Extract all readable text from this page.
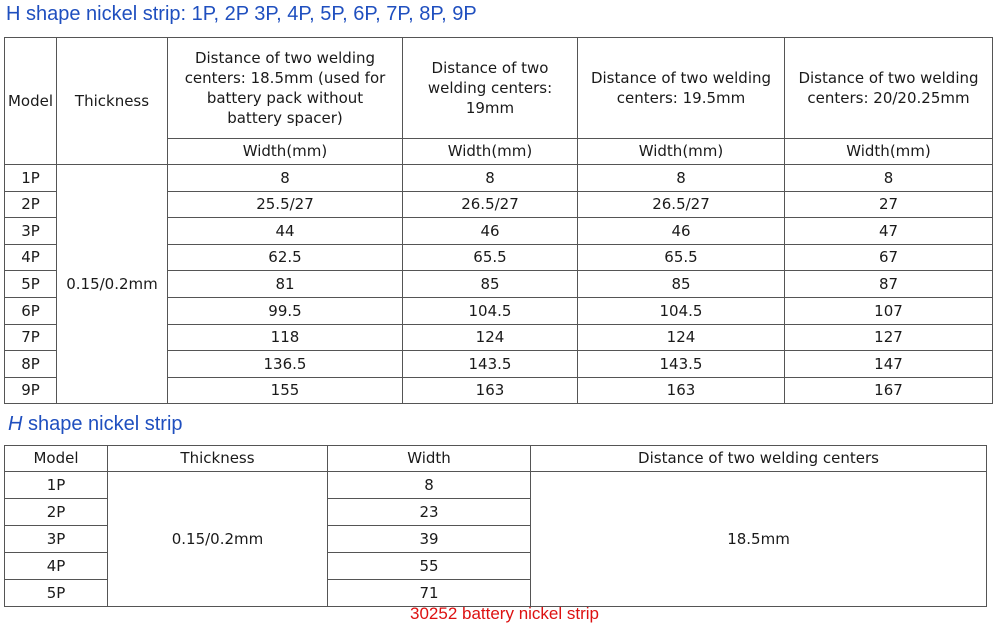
H shape nickel strip: 1P, 2P 3P, 4P, 5P, 6P, 7P, 8P, 9P
Model	Thickness	Distance of two welding centers: 18.5mm (used for battery pack without battery spacer)	Distance of two welding centers: 19mm	Distance of two welding centers: 19.5mm	Distance of two welding centers: 20/20.25mm
		Width(mm)	Width(mm)	Width(mm)	Width(mm)
1P	0.15/0.2mm	8	8	8	8
2P		25.5/27	26.5/27	26.5/27	27
3P		44	46	46	47
4P		62.5	65.5	65.5	67
5P		81	85	85	87
6P		99.5	104.5	104.5	107
7P		118	124	124	127
8P		136.5	143.5	143.5	147
9P		155	163	163	167
H shape nickel strip
Model	Thickness	Width	Distance of two welding centers
1P	0.15/0.2mm	8	18.5mm
2P		23	
3P		39	
4P		55	
5P		71	
30252 battery nickel strip
